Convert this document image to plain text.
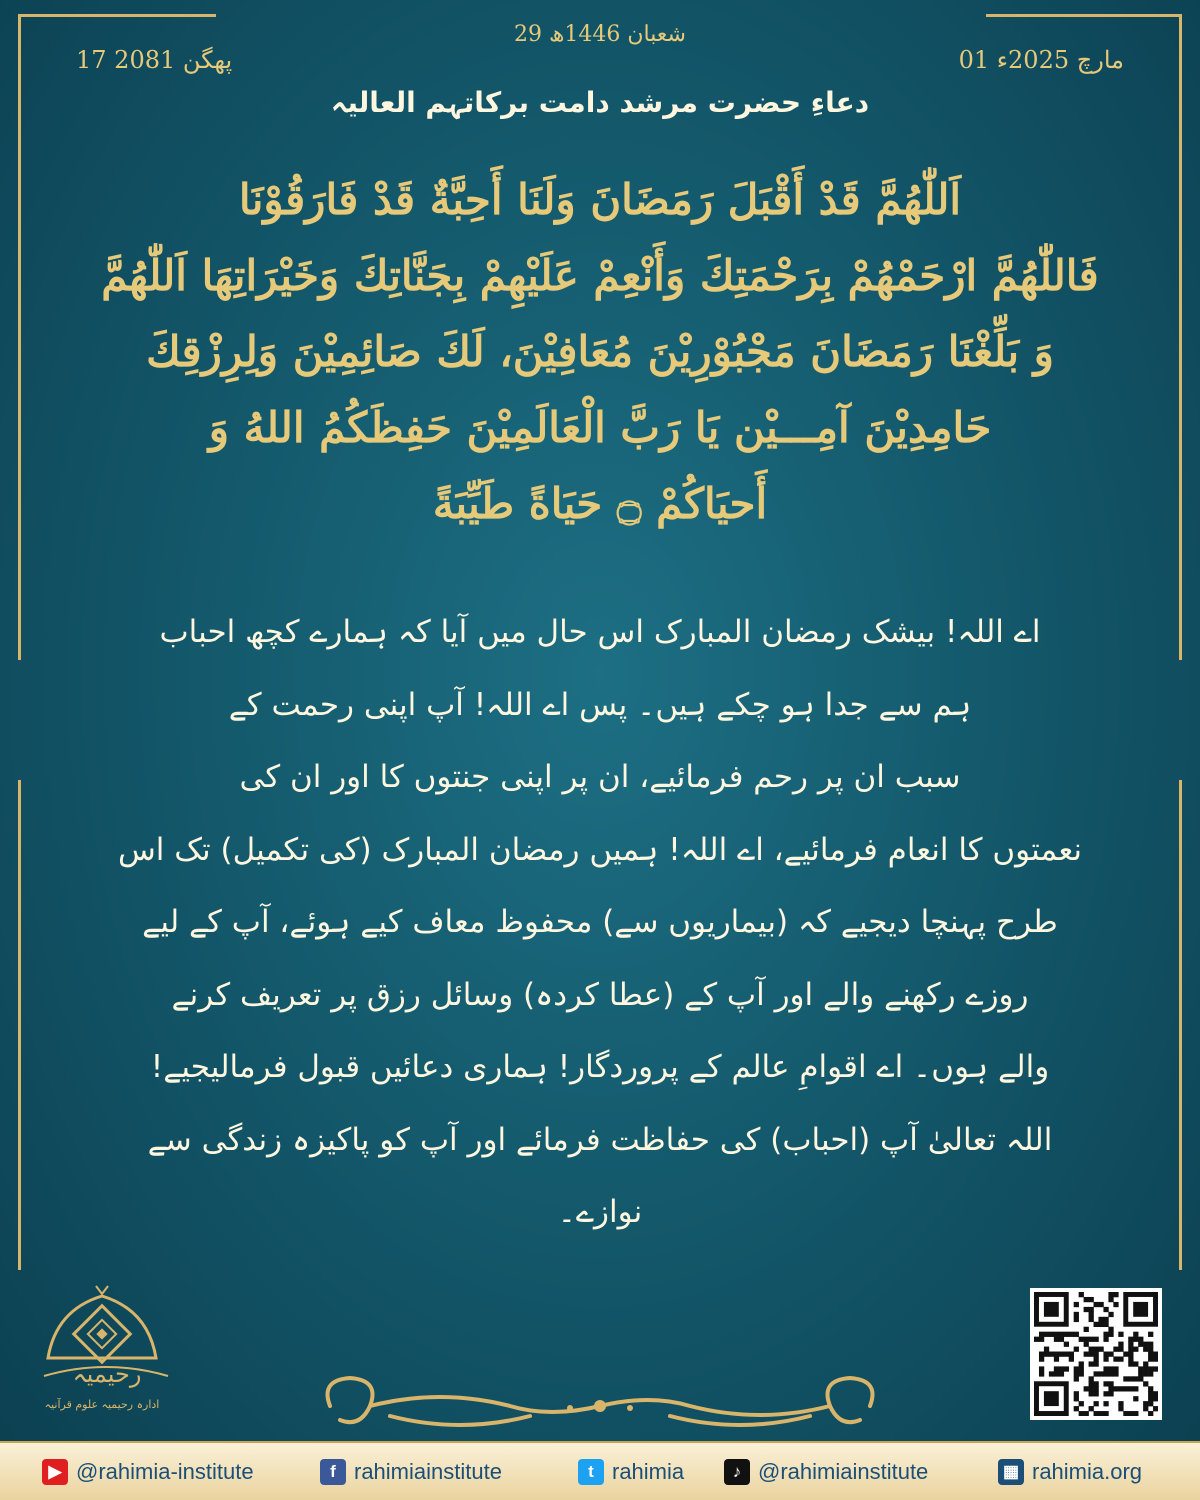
29 شعبان 1446ھ
01 مارچ 2025ء
17 پھگن 2081
دعاءِ حضرت مرشد دامت برکاتہم العالیہ
اَللّٰهُمَّ قَدْ أَقْبَلَ رَمَضَانَ وَلَنَا أَحِبَّةٌ قَدْ فَارَقُوْنَا
فَاللّٰهُمَّ ارْحَمْهُمْ بِرَحْمَتِكَ وَأَنْعِمْ عَلَيْهِمْ بِجَنَّاتِكَ وَخَيْرَاتِهَا اَللّٰهُمَّ
وَ بَلِّغْنَا رَمَضَانَ مَجْبُوْرِيْنَ مُعَافِيْنَ، لَكَ صَائِمِيْنَ وَلِرِزْقِكَ
حَامِدِيْنَ آمِـــيْن يَا رَبَّ الْعَالَمِيْنَ حَفِظَكُمُ اللهُ وَ
أَحيَاكُمْ ۝ حَيَاةً طَيِّبَةً
اے اللہ! بیشک رمضان المبارک اس حال میں آیا کہ ہمارے کچھ احباب
ہم سے جدا ہو چکے ہیں۔ پس اے اللہ! آپ اپنی رحمت کے
سبب ان پر رحم فرمائیے، ان پر اپنی جنتوں کا اور ان کی
نعمتوں کا انعام فرمائیے، اے اللہ! ہمیں رمضان المبارک (کی تکمیل) تک اس
طرح پہنچا دیجیے کہ (بیماریوں سے) محفوظ معاف کیے ہوئے، آپ کے لیے
روزے رکھنے والے اور آپ کے (عطا کردہ) وسائل رزق پر تعریف کرنے
والے ہوں۔ اے اقوامِ عالم کے پروردگار! ہماری دعائیں قبول فرمالیجیے!
اللہ تعالیٰ آپ (احباب) کی حفاظت فرمائے اور آپ کو پاکیزہ زندگی سے
نوازے۔
رحیمیہ
ادارہ رحیمیہ علوم قرآنیہ
▶ @rahimia-institute	f rahimiainstitute	t rahimia	♪ @rahimiainstitute	▦ rahimia.org
